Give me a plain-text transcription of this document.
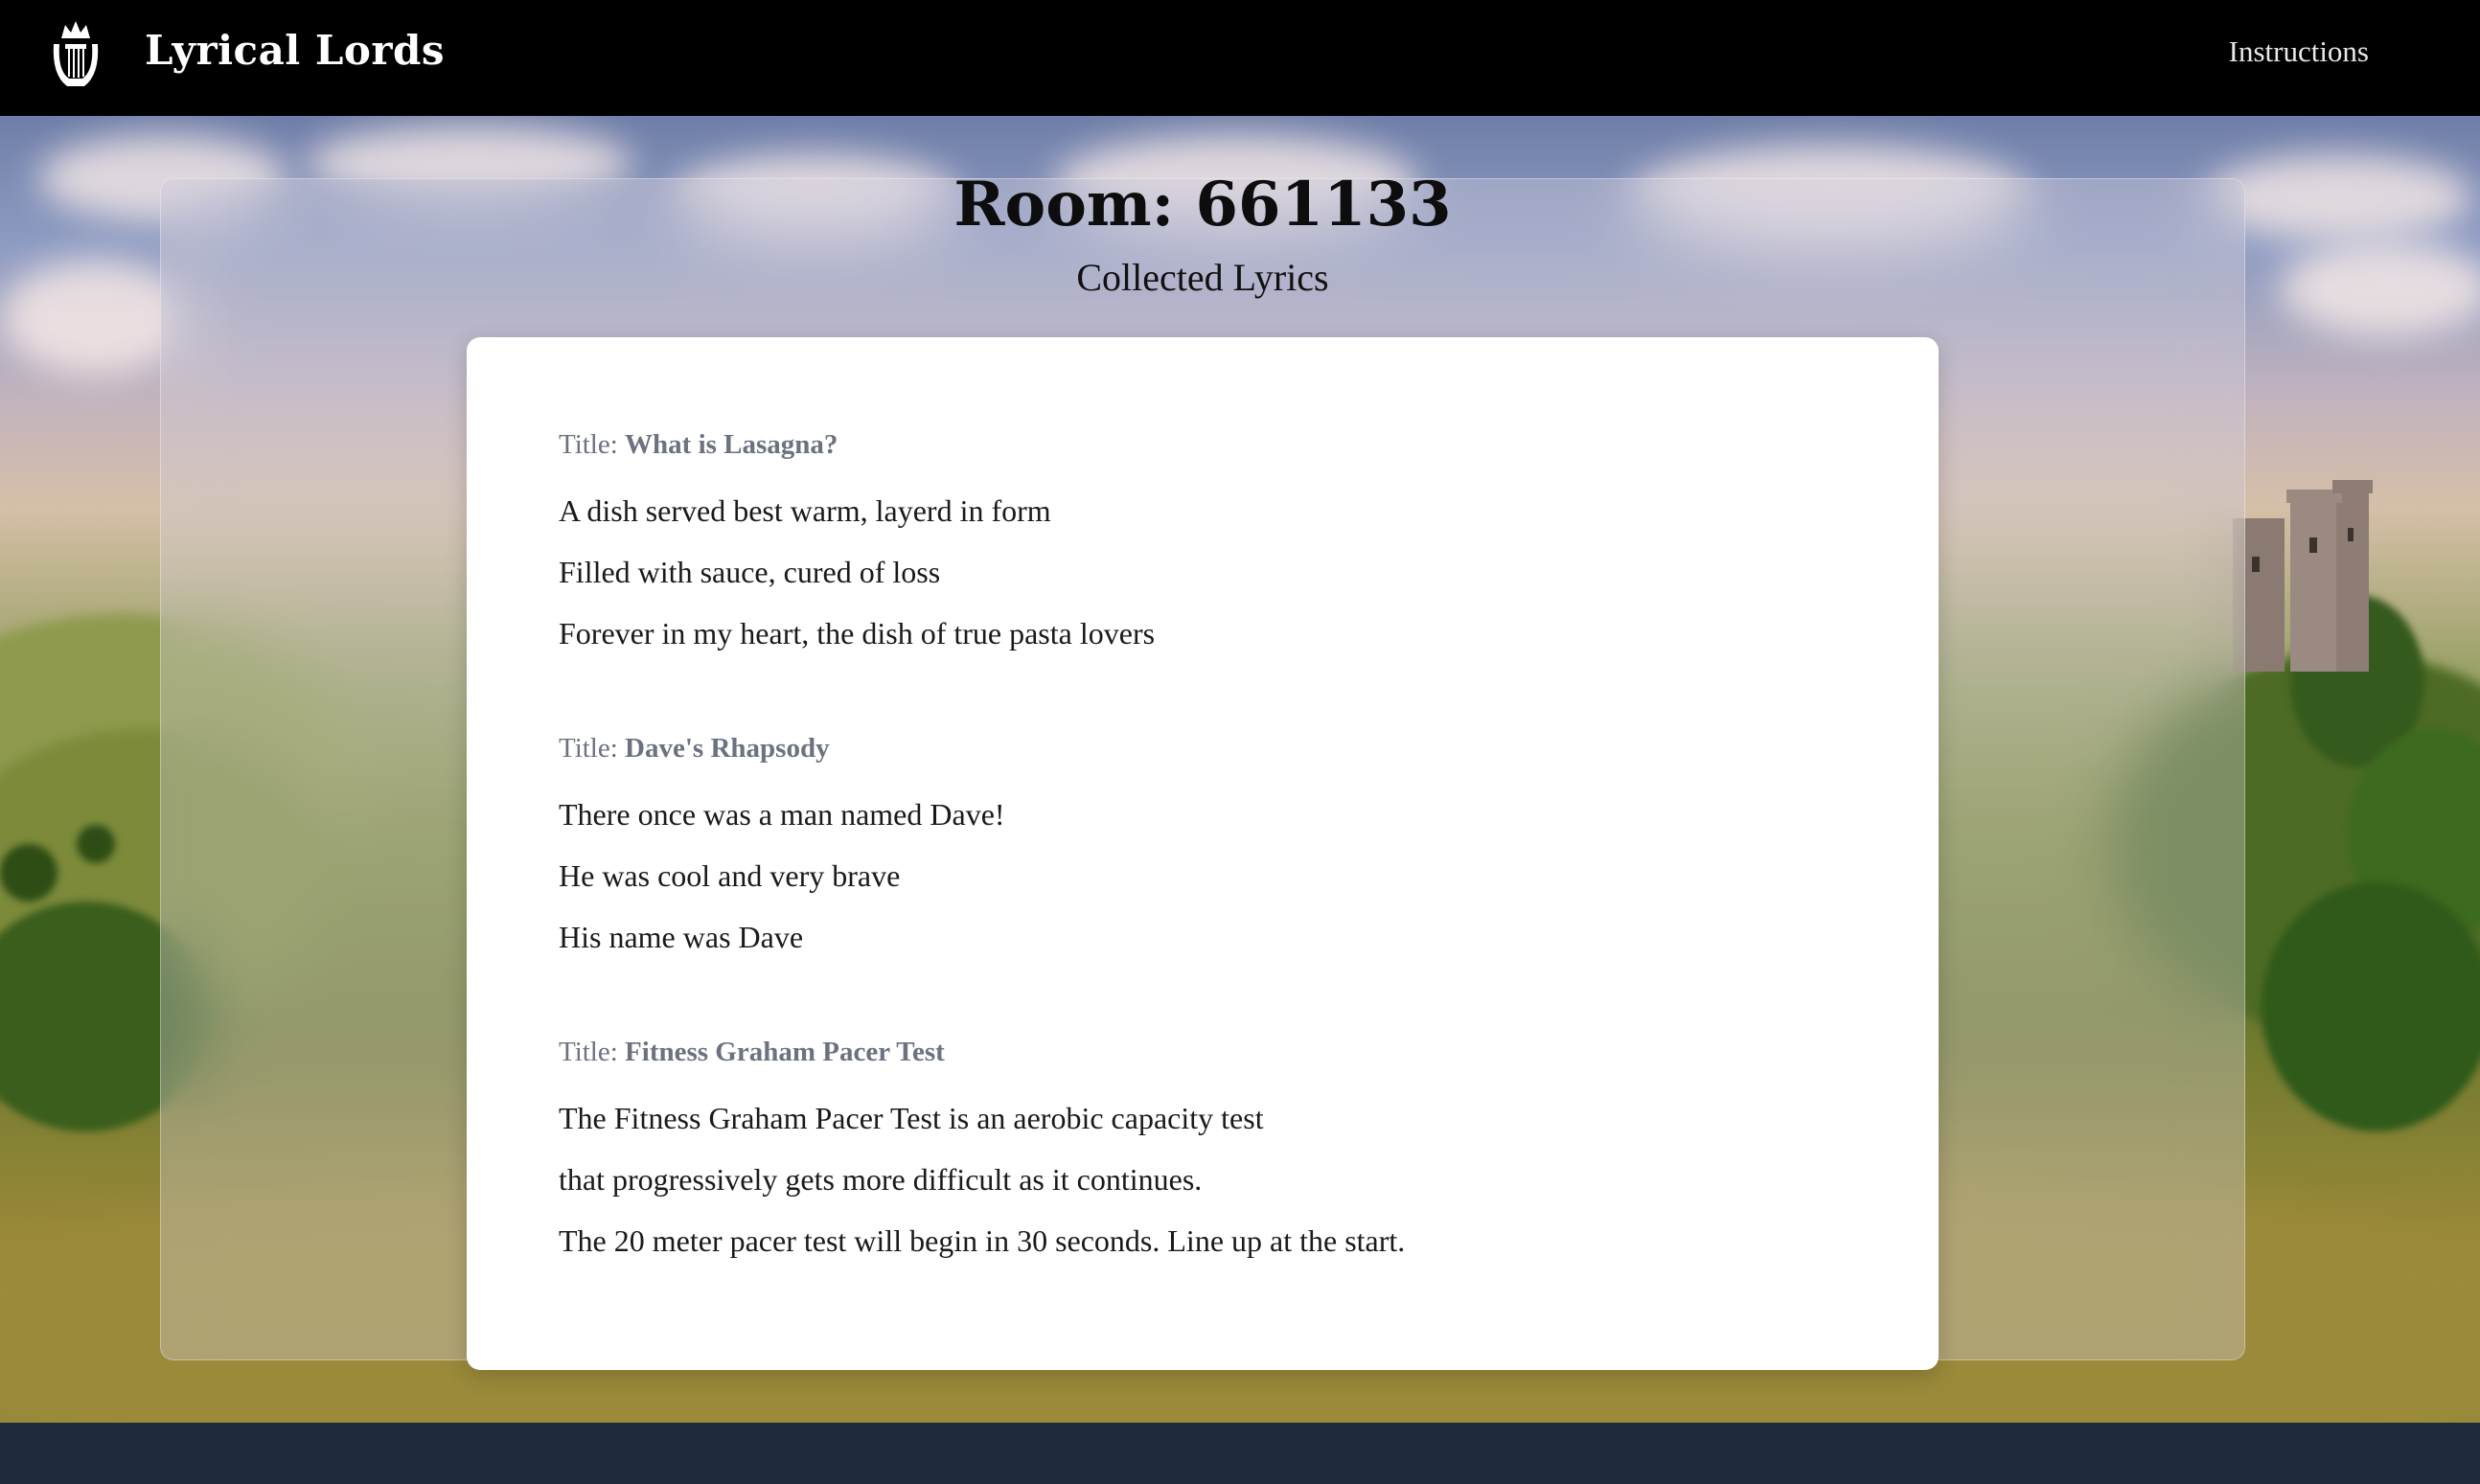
Lyrical Lords	Instructions
Room: 661133
Collected Lyrics
Title: What is Lasagna?
A dish served best warm, layerd in form
Filled with sauce, cured of loss
Forever in my heart, the dish of true pasta lovers
Title: Dave's Rhapsody
There once was a man named Dave!
He was cool and very brave
His name was Dave
Title: Fitness Graham Pacer Test
The Fitness Graham Pacer Test is an aerobic capacity test
that progressively gets more difficult as it continues.
The 20 meter pacer test will begin in 30 seconds. Line up at the start.
